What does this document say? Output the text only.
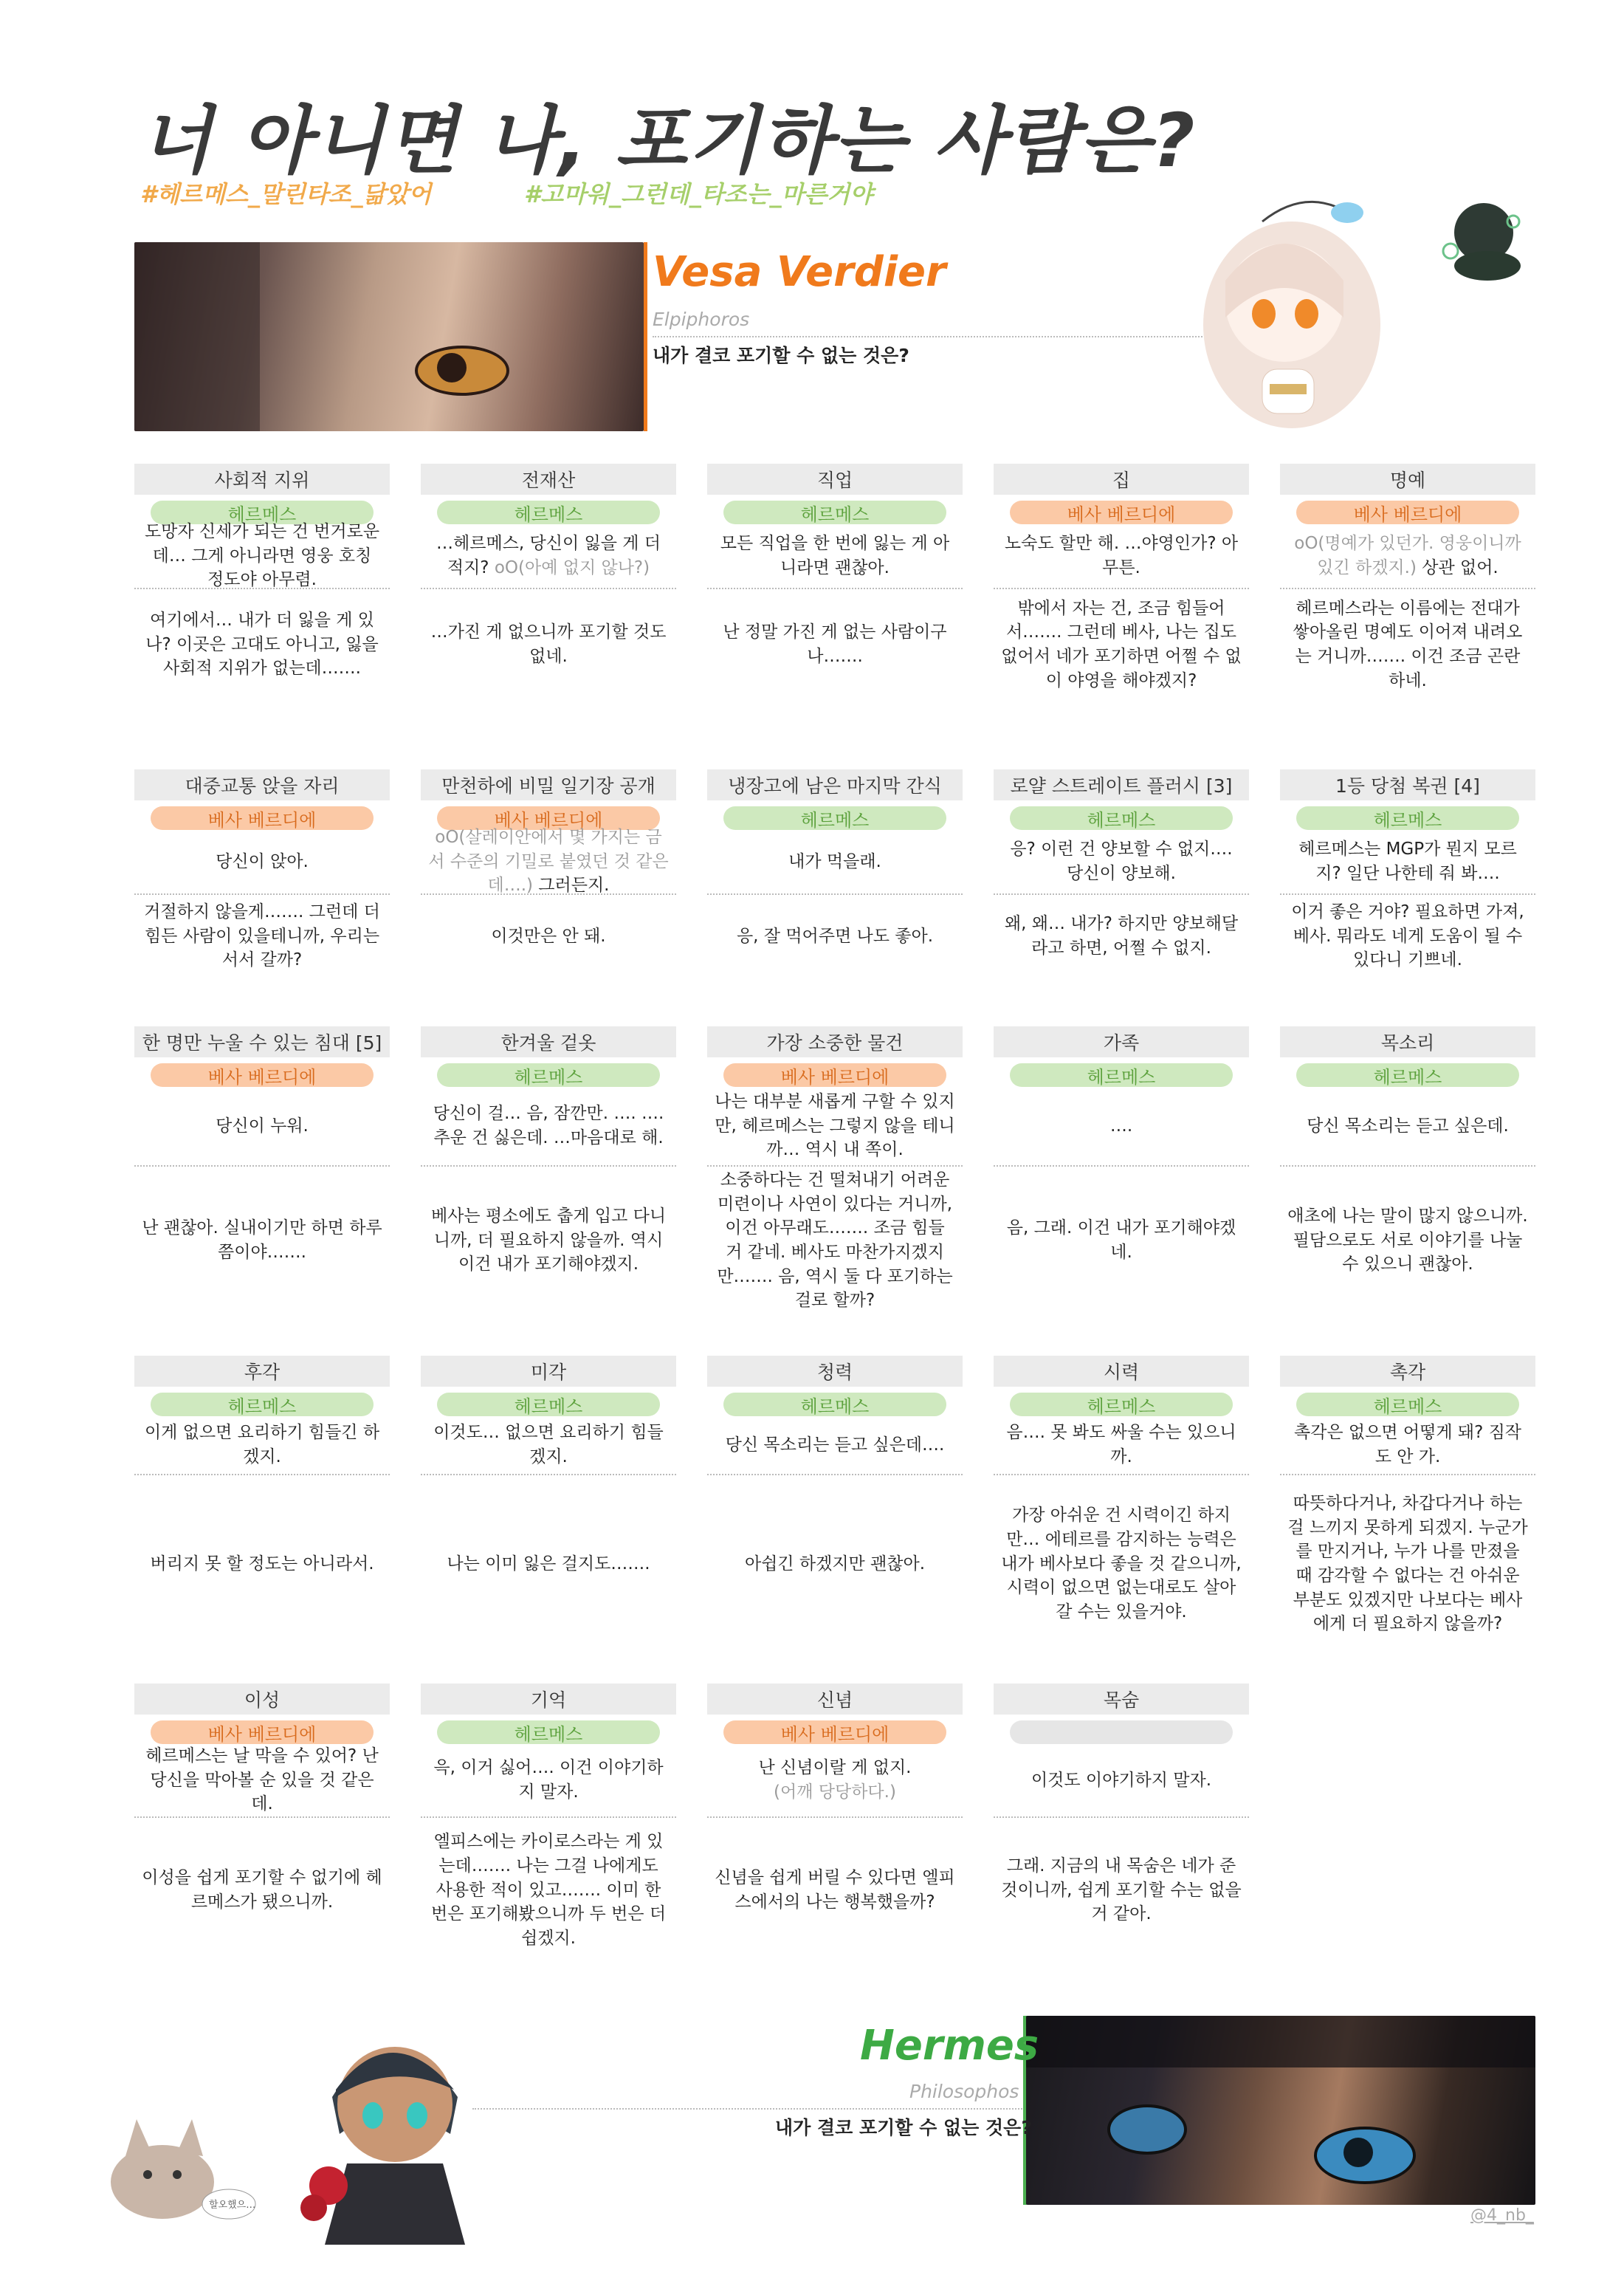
너 아니면 나, 포기하는 사람은?
#헤르메스_말린타조_닮았어	#고마워_그런데_타조는_마른거야
Vesa Verdier
Elpiphoros
내가 결코 포기할 수 없는 것은?
사회적 지위
헤르메스
도망자 신세가 되는 건 번거로운데… 그게 아니라면 영웅 호칭 정도야 아무렴.
여기에서… 내가 더 잃을 게 있나? 이곳은 고대도 아니고, 잃을 사회적 지위가 없는데…….
전재산
헤르메스
…헤르메스, 당신이 잃을 게 더 적지? oO(아예 없지 않나?)
…가진 게 없으니까 포기할 것도 없네.
직업
헤르메스
모든 직업을 한 번에 잃는 게 아니라면 괜찮아.
난 정말 가진 게 없는 사람이구나…….
집
베사 베르디에
노숙도 할만 해. …야영인가? 아무튼.
밖에서 자는 건, 조금 힘들어서……. 그런데 베사, 나는 집도 없어서 네가 포기하면 어쩔 수 없이 야영을 해야겠지?
명예
베사 베르디에
oO(명예가 있던가. 영웅이니까 있긴 하겠지.) 상관 없어.
헤르메스라는 이름에는 전대가 쌓아올린 명예도 이어져 내려오는 거니까……. 이건 조금 곤란하네.
대중교통 앉을 자리
베사 베르디에
당신이 앉아.
거절하지 않을게……. 그런데 더 힘든 사람이 있을테니까, 우리는 서서 갈까?
만천하에 비밀 일기장 공개
베사 베르디에
oO(살레이안에서 몇 가지는 금서 수준의 기밀로 붙였던 것 같은데….) 그러든지.
이것만은 안 돼.
냉장고에 남은 마지막 간식
헤르메스
내가 먹을래.
응, 잘 먹어주면 나도 좋아.
로얄 스트레이트 플러시 [3]
헤르메스
응? 이런 건 양보할 수 없지…. 당신이 양보해.
왜, 왜… 내가? 하지만 양보해달라고 하면, 어쩔 수 없지.
1등 당첨 복권 [4]
헤르메스
헤르메스는 MGP가 뭔지 모르지? 일단 나한테 줘 봐….
이거 좋은 거야? 필요하면 가져, 베사. 뭐라도 네게 도움이 될 수 있다니 기쁘네.
한 명만 누울 수 있는 침대 [5]
베사 베르디에
당신이 누워.
난 괜찮아. 실내이기만 하면 하루쯤이야…….
한겨울 겉옷
헤르메스
당신이 걸… 음, 잠깐만. …. …. 추운 건 싫은데. …마음대로 해.
베사는 평소에도 춥게 입고 다니니까, 더 필요하지 않을까. 역시 이건 내가 포기해야겠지.
가장 소중한 물건
베사 베르디에
나는 대부분 새롭게 구할 수 있지만, 헤르메스는 그렇지 않을 테니까… 역시 내 쪽이.
소중하다는 건 떨쳐내기 어려운 미련이나 사연이 있다는 거니까, 이건 아무래도……. 조금 힘들 거 같네. 베사도 마찬가지겠지만……. 음, 역시 둘 다 포기하는 걸로 할까?
가족
헤르메스
….
음, 그래. 이건 내가 포기해야겠네.
목소리
헤르메스
당신 목소리는 듣고 싶은데.
애초에 나는 말이 많지 않으니까. 필담으로도 서로 이야기를 나눌 수 있으니 괜찮아.
후각
헤르메스
이게 없으면 요리하기 힘들긴 하겠지.
버리지 못 할 정도는 아니라서.
미각
헤르메스
이것도… 없으면 요리하기 힘들겠지.
나는 이미 잃은 걸지도…….
청력
헤르메스
당신 목소리는 듣고 싶은데….
아쉽긴 하겠지만 괜찮아.
시력
헤르메스
음…. 못 봐도 싸울 수는 있으니까.
가장 아쉬운 건 시력이긴 하지만… 에테르를 감지하는 능력은 내가 베사보다 좋을 것 같으니까, 시력이 없으면 없는대로도 살아갈 수는 있을거야.
촉각
헤르메스
촉각은 없으면 어떻게 돼? 짐작도 안 가.
따뜻하다거나, 차갑다거나 하는 걸 느끼지 못하게 되겠지. 누군가를 만지거나, 누가 나를 만졌을 때 감각할 수 없다는 건 아쉬운 부분도 있겠지만 나보다는 베사에게 더 필요하지 않을까?
이성
베사 베르디에
헤르메스는 날 막을 수 있어? 난 당신을 막아볼 순 있을 것 같은데.
이성을 쉽게 포기할 수 없기에 헤르메스가 됐으니까.
기억
헤르메스
윽, 이거 싫어…. 이건 이야기하지 말자.
엘피스에는 카이로스라는 게 있는데……. 나는 그걸 나에게도 사용한 적이 있고……. 이미 한 번은 포기해봤으니까 두 번은 더 쉽겠지.
신념
베사 베르디에
난 신념이랄 게 없지.
(어깨 당당하다.)
신념을 쉽게 버릴 수 있다면 엘피스에서의 나는 행복했을까?
목숨
이것도 이야기하지 말자.
그래. 지금의 내 목숨은 네가 준 것이니까, 쉽게 포기할 수는 없을 거 같아.
할오했으…
Hermes
Philosophos
내가 결코 포기할 수 없는 것은?
@4_nb_
